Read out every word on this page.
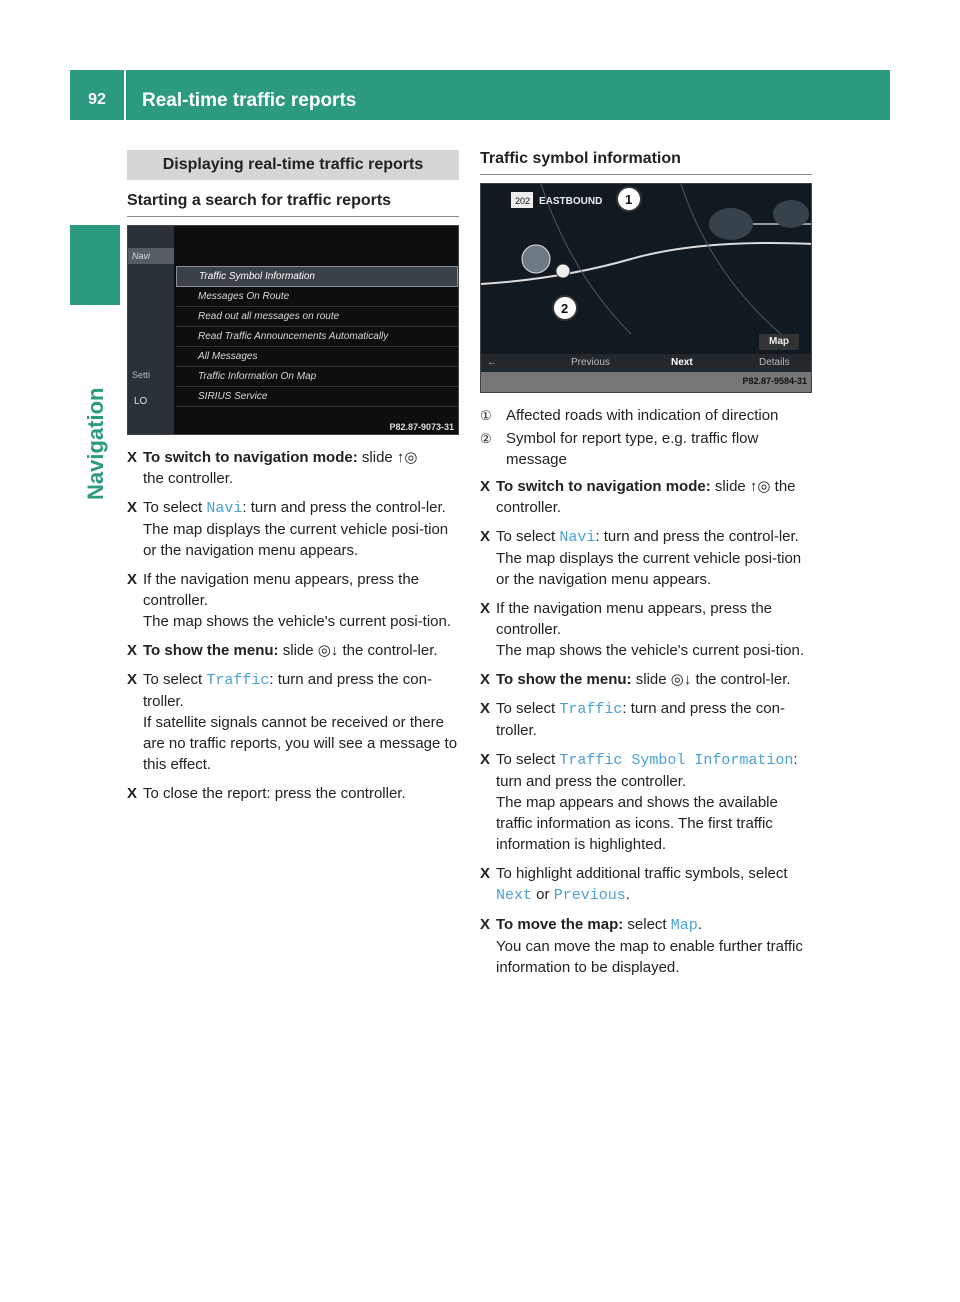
92	Real-time traffic reports
Navigation
Displaying real-time traffic reports
Starting a search for traffic reports
Navi
Setti
LO
Traffic Symbol Information
Messages On Route
Read out all messages on route
Read Traffic Announcements Automatically
All Messages
Traffic Information On Map
SIRIUS Service
P82.87-9073-31
X To switch to navigation mode: slide ↑◎
the controller.
X To select Navi: turn and press the control-ler.
The map displays the current vehicle posi-tion or the navigation menu appears.
X If the navigation menu appears, press the controller.
The map shows the vehicle's current posi-tion.
X To show the menu: slide ◎↓ the control-ler.
X To select Traffic: turn and press the con-troller.
If satellite signals cannot be received or there are no traffic reports, you will see a message to this effect.
X To close the report: press the controller.
Traffic symbol information
2
1
202 EASTBOUND
Map
←	Previous	Next	Details
P82.87-9584-31
① Affected roads with indication of direction
② Symbol for report type, e.g. traffic flow message
X To switch to navigation mode: slide ↑◎ the controller.
X To select Navi: turn and press the control-ler.
The map displays the current vehicle posi-tion or the navigation menu appears.
X If the navigation menu appears, press the controller.
The map shows the vehicle's current posi-tion.
X To show the menu: slide ◎↓ the control-ler.
X To select Traffic: turn and press the con-troller.
X To select Traffic Symbol Information: turn and press the controller.
The map appears and shows the available traffic information as icons. The first traffic information is highlighted.
X To highlight additional traffic symbols, select Next or Previous.
X To move the map: select Map.
You can move the map to enable further traffic information to be displayed.
